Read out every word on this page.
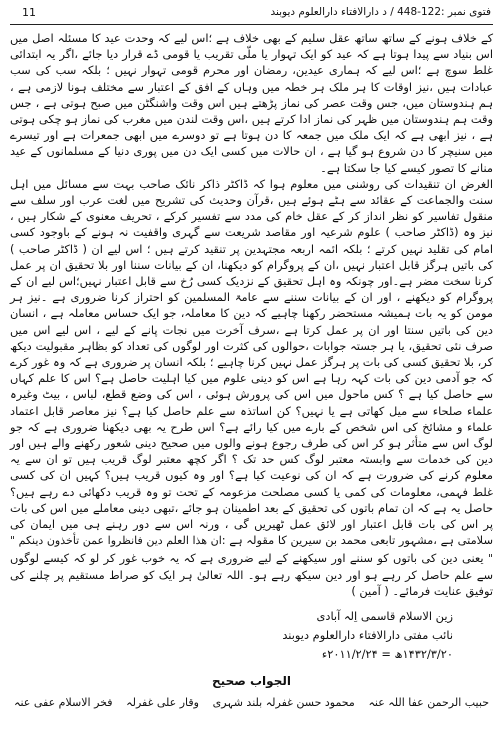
فتوی نمبر :122-448 / د دارالافتاء دارالعلوم دیوبند
11

کے خلاف ہونے کے ساتھ ساتھ عقل سلیم کے بھی خلاف ہے ؛اس لیے کہ وحدت عید کا مسئلہ اصل میں اس بنیاد سے پیدا ہوتا ہے کہ عید کو ایک تہوار یا ملّی تقریب یا قومی ڈے قرار دیا جائے ،اگر یہ ابتدائی غلط سوچ ہے ؛اس لیے کہ ہماری عیدین، رمضان اور محرم قومی تہوار نہیں ؛ بلکہ سب کی سب عبادات ہیں ،نیز اوقات کا ہر ملک ہر خطہ میں وہاں کے افق کے اعتبار سے مختلف ہونا لازمی ہے ، ہم ہندوستان میں، جس وقت عصر کی نماز پڑھتے ہیں اس وقت واشنگٹن میں صبح ہوتی ہے ، جس وقت ہم ہندوستان میں ظہر کی نماز ادا کرتے ہیں ،اس وقت لندن میں مغرب کی نماز ہو چکی ہوتی ہے ، نیز ابھی ہے کہ ایک ملک میں جمعہ کا دن ہوتا ہے تو دوسرے میں ابھی جمعرات ہے اور تیسرے میں سنیچر کا دن شروع ہو گیا ہے ، ان حالات میں کسی ایک دن میں پوری دنیا کے مسلمانوں کے عید منانے کا تصور کیسے کیا جا سکتا ہے۔

الغرض ان تنقیدات کی روشنی میں معلوم ہوا کہ ڈاکٹر ذاکر نائک صاحب بہت سے مسائل میں اہل سنت والجماعت کے عقائد سے ہٹے ہوئے ہیں ،قرآن وحدیث کی تشریح میں لغت عرب اور سلف سے منقول تفاسیر کو نظر انداز کر کے عقل خام کی مدد سے تفسیر کرکے ، تحریف معنوی کے شکار ہیں ، نیز وہ (ڈاکٹر صاحب ) علوم شرعیہ اور مقاصد شریعت سے گہری واقفیت نہ ہونے کے باوجود کسی امام کی تقلید نہیں کرتے ؛ بلکہ ائمہ اربعہ مجتہدین پر تنقید کرتے ہیں ؛ اس لیے ان ( ڈاکٹر صاحب ) کی باتیں ہرگز قابل اعتبار نہیں ،ان کے پروگرام کو دیکھنا، ان کے بیانات سننا اور بلا تحقیق ان پر عمل کرنا سخت مضر ہے۔اور چونکہ وہ اہل تحقیق کے نزدیک کسی رُخ سے قابل اعتبار نہیں؛اس لیے ان کے پروگرام کو دیکھنے ، اور ان کے بیانات سننے سے عامۃ المسلمین کو احتراز کرنا ضروری ہے ۔نیز ہر مومن کو یہ بات ہمیشہ مستحضر رکھنا چاہیے کہ دین کا معاملہ، جو ایک حساس معاملہ ہے ، انسان دین کی باتیں سنتا اور ان پر عمل کرتا ہے ،سرف آخرت میں نجات پانے کے لیے ، اس لیے اس میں صرف نئی تحقیق، یا ہر جستہ جوابات ،حوالوں کی کثرت اور لوگوں کی تعداد کو بظاہر مقبولیت دیکھ کر، بلا تحقیق کسی کی بات پر ہرگز عمل نہیں کرنا چاہیے ؛ بلکہ انسان پر ضروری ہے کہ وہ غور کرے کہ جو آدمی دین کی بات کہہ رہا ہے اس کو دینی علوم میں کیا اہلیت حاصل ہے؟ اس کا علم کہاں سے حاصل کیا ہے ؟ کس ماحول میں اس کی پرورش ہوئی ، اس کی وضع قطع، لباس ، بیٹ وغیرہ علماء صلحاء سے میل کھاتی ہے یا نہیں؟ کن اساتذہ سے علم حاصل کیا ہے؟ نیز معاصر قابل اعتماد علماء و مشائخ کی اس شخص کے بارے میں کیا رائے ہے؟ اس طرح یہ بھی دیکھنا ضروری ہے کہ جو لوگ اس سے متأثر ہو کر اس کی طرف رجوع ہونے والوں میں صحیح دینی شعور رکھنے والے ہیں اور دین کی خدمات سے وابستہ معتبر لوگ کس حد تک ؟ اگر کچھ معتبر لوگ قریب ہیں تو ان سے یہ معلوم کرنے کی ضرورت ہے کہ ان کی نوعیت کیا ہے؟ اور وہ کیوں قریب ہیں؟ کہیں ان کی کسی غلط فہمی، معلومات کی کمی یا کسی مصلحت مزعومہ کے تحت تو وہ قریب دکھائی دے رہے ہیں؟ حاصل یہ ہے کہ ان تمام باتوں کی تحقیق کے بعد اطمینان ہو جائے ،تبھی دینی معاملے میں اس کی بات پر اس کی بات قابل اعتبار اور لائق عمل ٹھیریں گی ، ورنہ اس سے دور رہنے ہی میں ایمان کی سلامتی ہے ،مشہور تابعی محمد بن سیرین کا مقولہ ہے :" ان هذا العلم دين فانظروا عمن تأخذون دينكم " یعنی دین کی باتوں کو سننے اور سیکھنے کے لیے ضروری ہے کہ یہ خوب غور کر لو کہ کیسے لوگوں سے علم حاصل کر رہے ہو اور دین سیکھ رہے ہو۔ اللہ تعالیٰ ہر ایک کو صراط مستقیم پر چلنے کی توفیق عنایت فرمائے۔ ( آمین )

زین الاسلام قاسمی اِلہ آبادی
نائب مفتی دارالافتاء دارالعلوم دیوبند
۱۴۳۲/۳/۲۰ھ = ۲۰۱۱/۲/۲۴ء
الجواب صحیح
حبیب الرحمن عفا اللہ عنہ
محمود حسن غفرلہ بلند شہری
وقار علی غفرلہ
فخر الاسلام عفی عنہ
